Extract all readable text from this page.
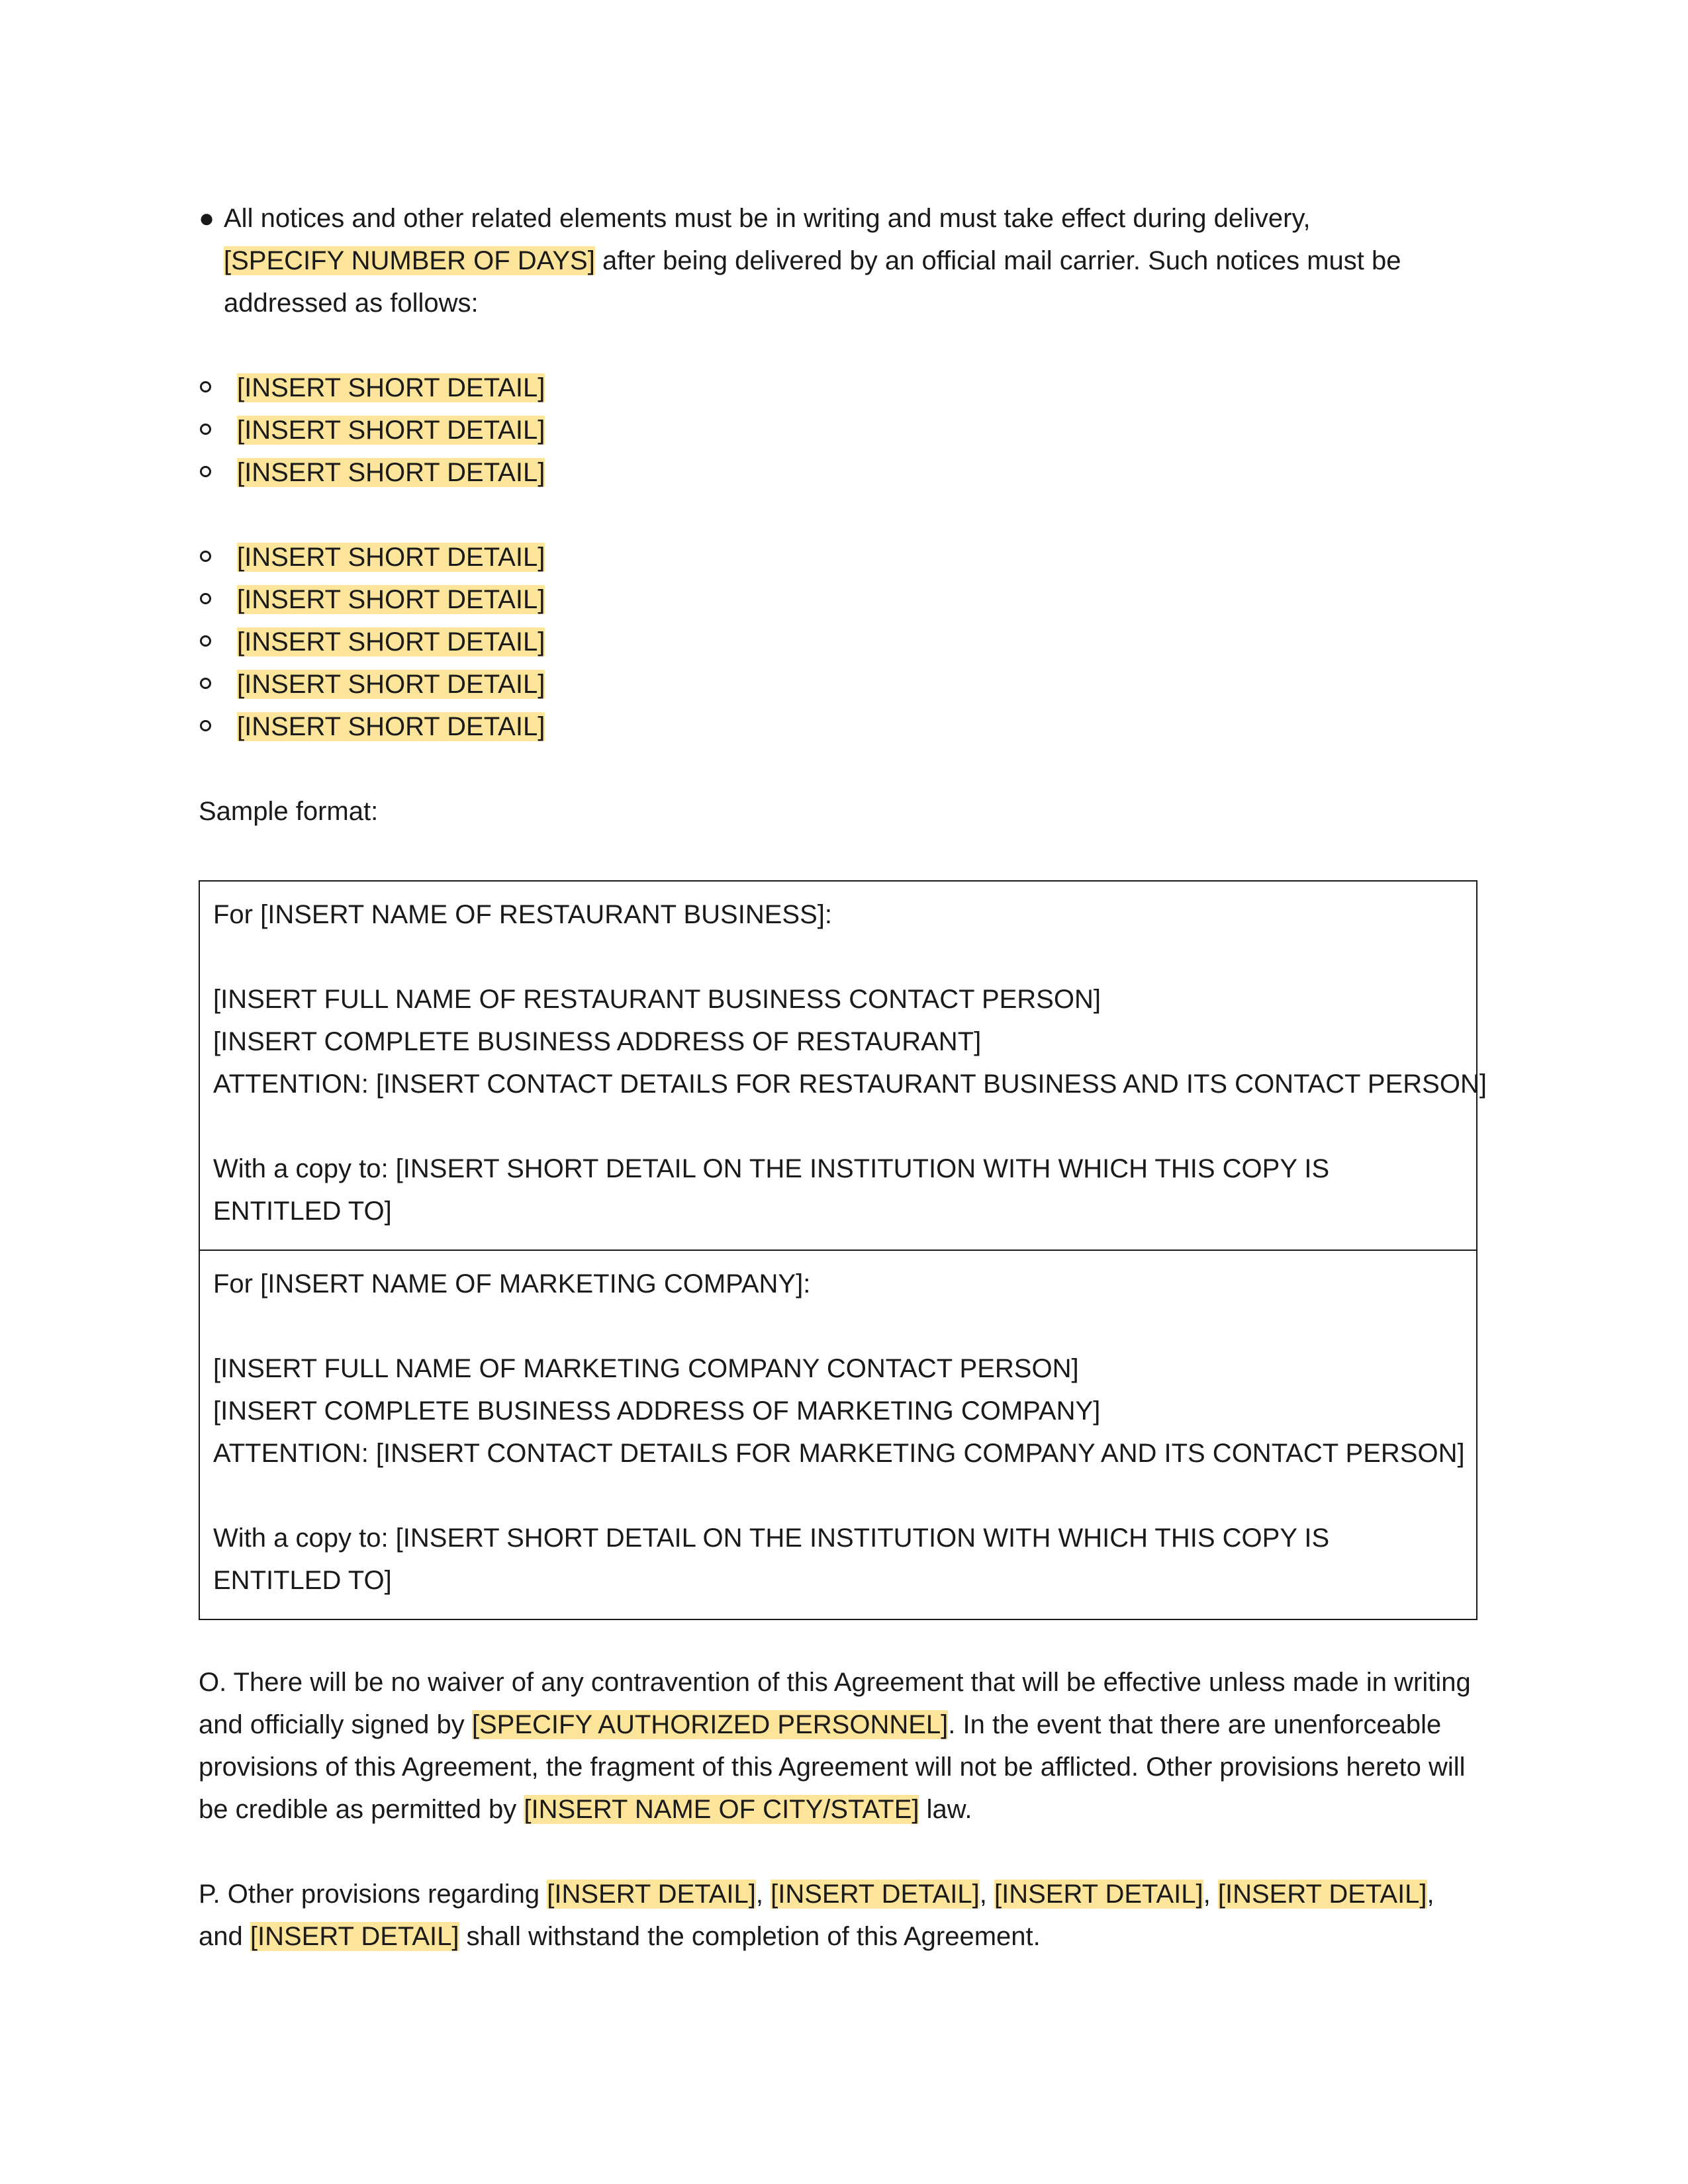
● All notices and other related elements must be in writing and must take effect during delivery,
[SPECIFY NUMBER OF DAYS] after being delivered by an official mail carrier. Such notices must be addressed as follows:
[INSERT SHORT DETAIL]
[INSERT SHORT DETAIL]
[INSERT SHORT DETAIL]
[INSERT SHORT DETAIL]
[INSERT SHORT DETAIL]
[INSERT SHORT DETAIL]
[INSERT SHORT DETAIL]
[INSERT SHORT DETAIL]
Sample format:
For [INSERT NAME OF RESTAURANT BUSINESS]:
[INSERT FULL NAME OF RESTAURANT BUSINESS CONTACT PERSON]
[INSERT COMPLETE BUSINESS ADDRESS OF RESTAURANT]
ATTENTION: [INSERT CONTACT DETAILS FOR RESTAURANT BUSINESS AND ITS CONTACT PERSON]
With a copy to: [INSERT SHORT DETAIL ON THE INSTITUTION WITH WHICH THIS COPY IS ENTITLED TO]
For [INSERT NAME OF MARKETING COMPANY]:
[INSERT FULL NAME OF MARKETING COMPANY CONTACT PERSON]
[INSERT COMPLETE BUSINESS ADDRESS OF MARKETING COMPANY]
ATTENTION: [INSERT CONTACT DETAILS FOR MARKETING COMPANY AND ITS CONTACT PERSON]
With a copy to: [INSERT SHORT DETAIL ON THE INSTITUTION WITH WHICH THIS COPY IS ENTITLED TO]
O. There will be no waiver of any contravention of this Agreement that will be effective unless made in writing and officially signed by [SPECIFY AUTHORIZED PERSONNEL]. In the event that there are unenforceable provisions of this Agreement, the fragment of this Agreement will not be afflicted. Other provisions hereto will be credible as permitted by [INSERT NAME OF CITY/STATE] law.
P. Other provisions regarding [INSERT DETAIL], [INSERT DETAIL], [INSERT DETAIL], [INSERT DETAIL], and [INSERT DETAIL] shall withstand the completion of this Agreement.
